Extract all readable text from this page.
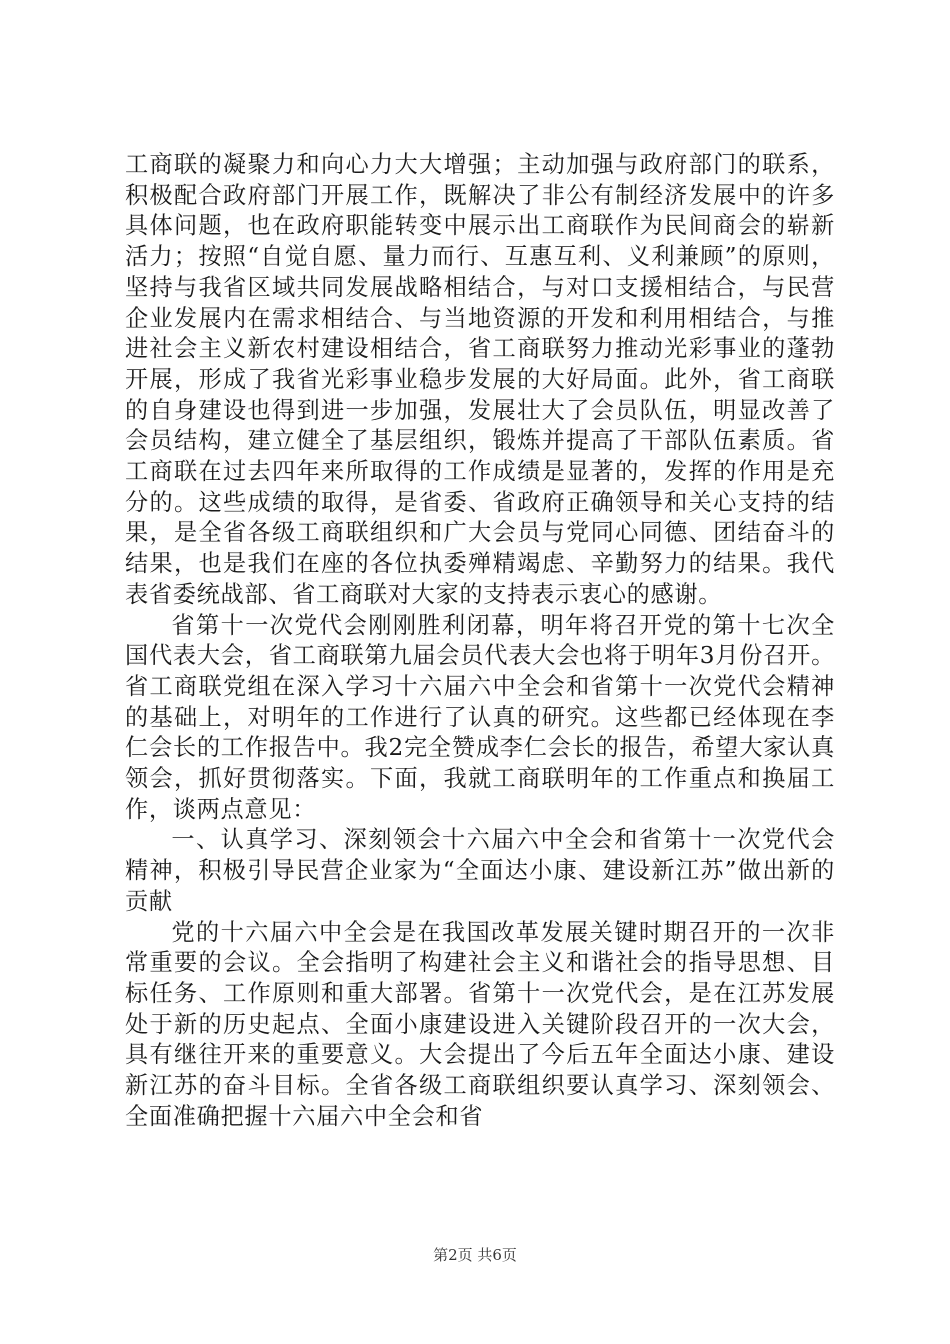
工商联的凝聚力和向心力大大增强；主动加强与政府部门的联系，积极配合政府部门开展工作，既解决了非公有制经济发展中的许多具体问题，也在政府职能转变中展示出工商联作为民间商会的崭新活力；按照“自觉自愿、量力而行、互惠互利、义利兼顾”的原则，坚持与我省区域共同发展战略相结合，与对口支援相结合，与民营企业发展内在需求相结合、与当地资源的开发和利用相结合，与推进社会主义新农村建设相结合，省工商联努力推动光彩事业的蓬勃开展，形成了我省光彩事业稳步发展的大好局面。此外，省工商联的自身建设也得到进一步加强，发展壮大了会员队伍，明显改善了会员结构，建立健全了基层组织，锻炼并提高了干部队伍素质。省工商联在过去四年来所取得的工作成绩是显著的，发挥的作用是充分的。这些成绩的取得，是省委、省政府正确领导和关心支持的结果，是全省各级工商联组织和广大会员与党同心同德、团结奋斗的结果，也是我们在座的各位执委殚精竭虑、辛勤努力的结果。我代表省委统战部、省工商联对大家的支持表示衷心的感谢。

省第十一次党代会刚刚胜利闭幕，明年将召开党的第十七次全国代表大会，省工商联第九届会员代表大会也将于明年3月份召开。省工商联党组在深入学习十六届六中全会和省第十一次党代会精神的基础上，对明年的工作进行了认真的研究。这些都已经体现在李仁会长的工作报告中。我2完全赞成李仁会长的报告，希望大家认真领会，抓好贯彻落实。下面，我就工商联明年的工作重点和换届工作，谈两点意见：

一、认真学习、深刻领会十六届六中全会和省第十一次党代会精神，积极引导民营企业家为“全面达小康、建设新江苏”做出新的贡献

党的十六届六中全会是在我国改革发展关键时期召开的一次非常重要的会议。全会指明了构建社会主义和谐社会的指导思想、目标任务、工作原则和重大部署。省第十一次党代会，是在江苏发展处于新的历史起点、全面小康建设进入关键阶段召开的一次大会，具有继往开来的重要意义。大会提出了今后五年全面达小康、建设新江苏的奋斗目标。全省各级工商联组织要认真学习、深刻领会、全面准确把握十六届六中全会和省

第2页 共6页
